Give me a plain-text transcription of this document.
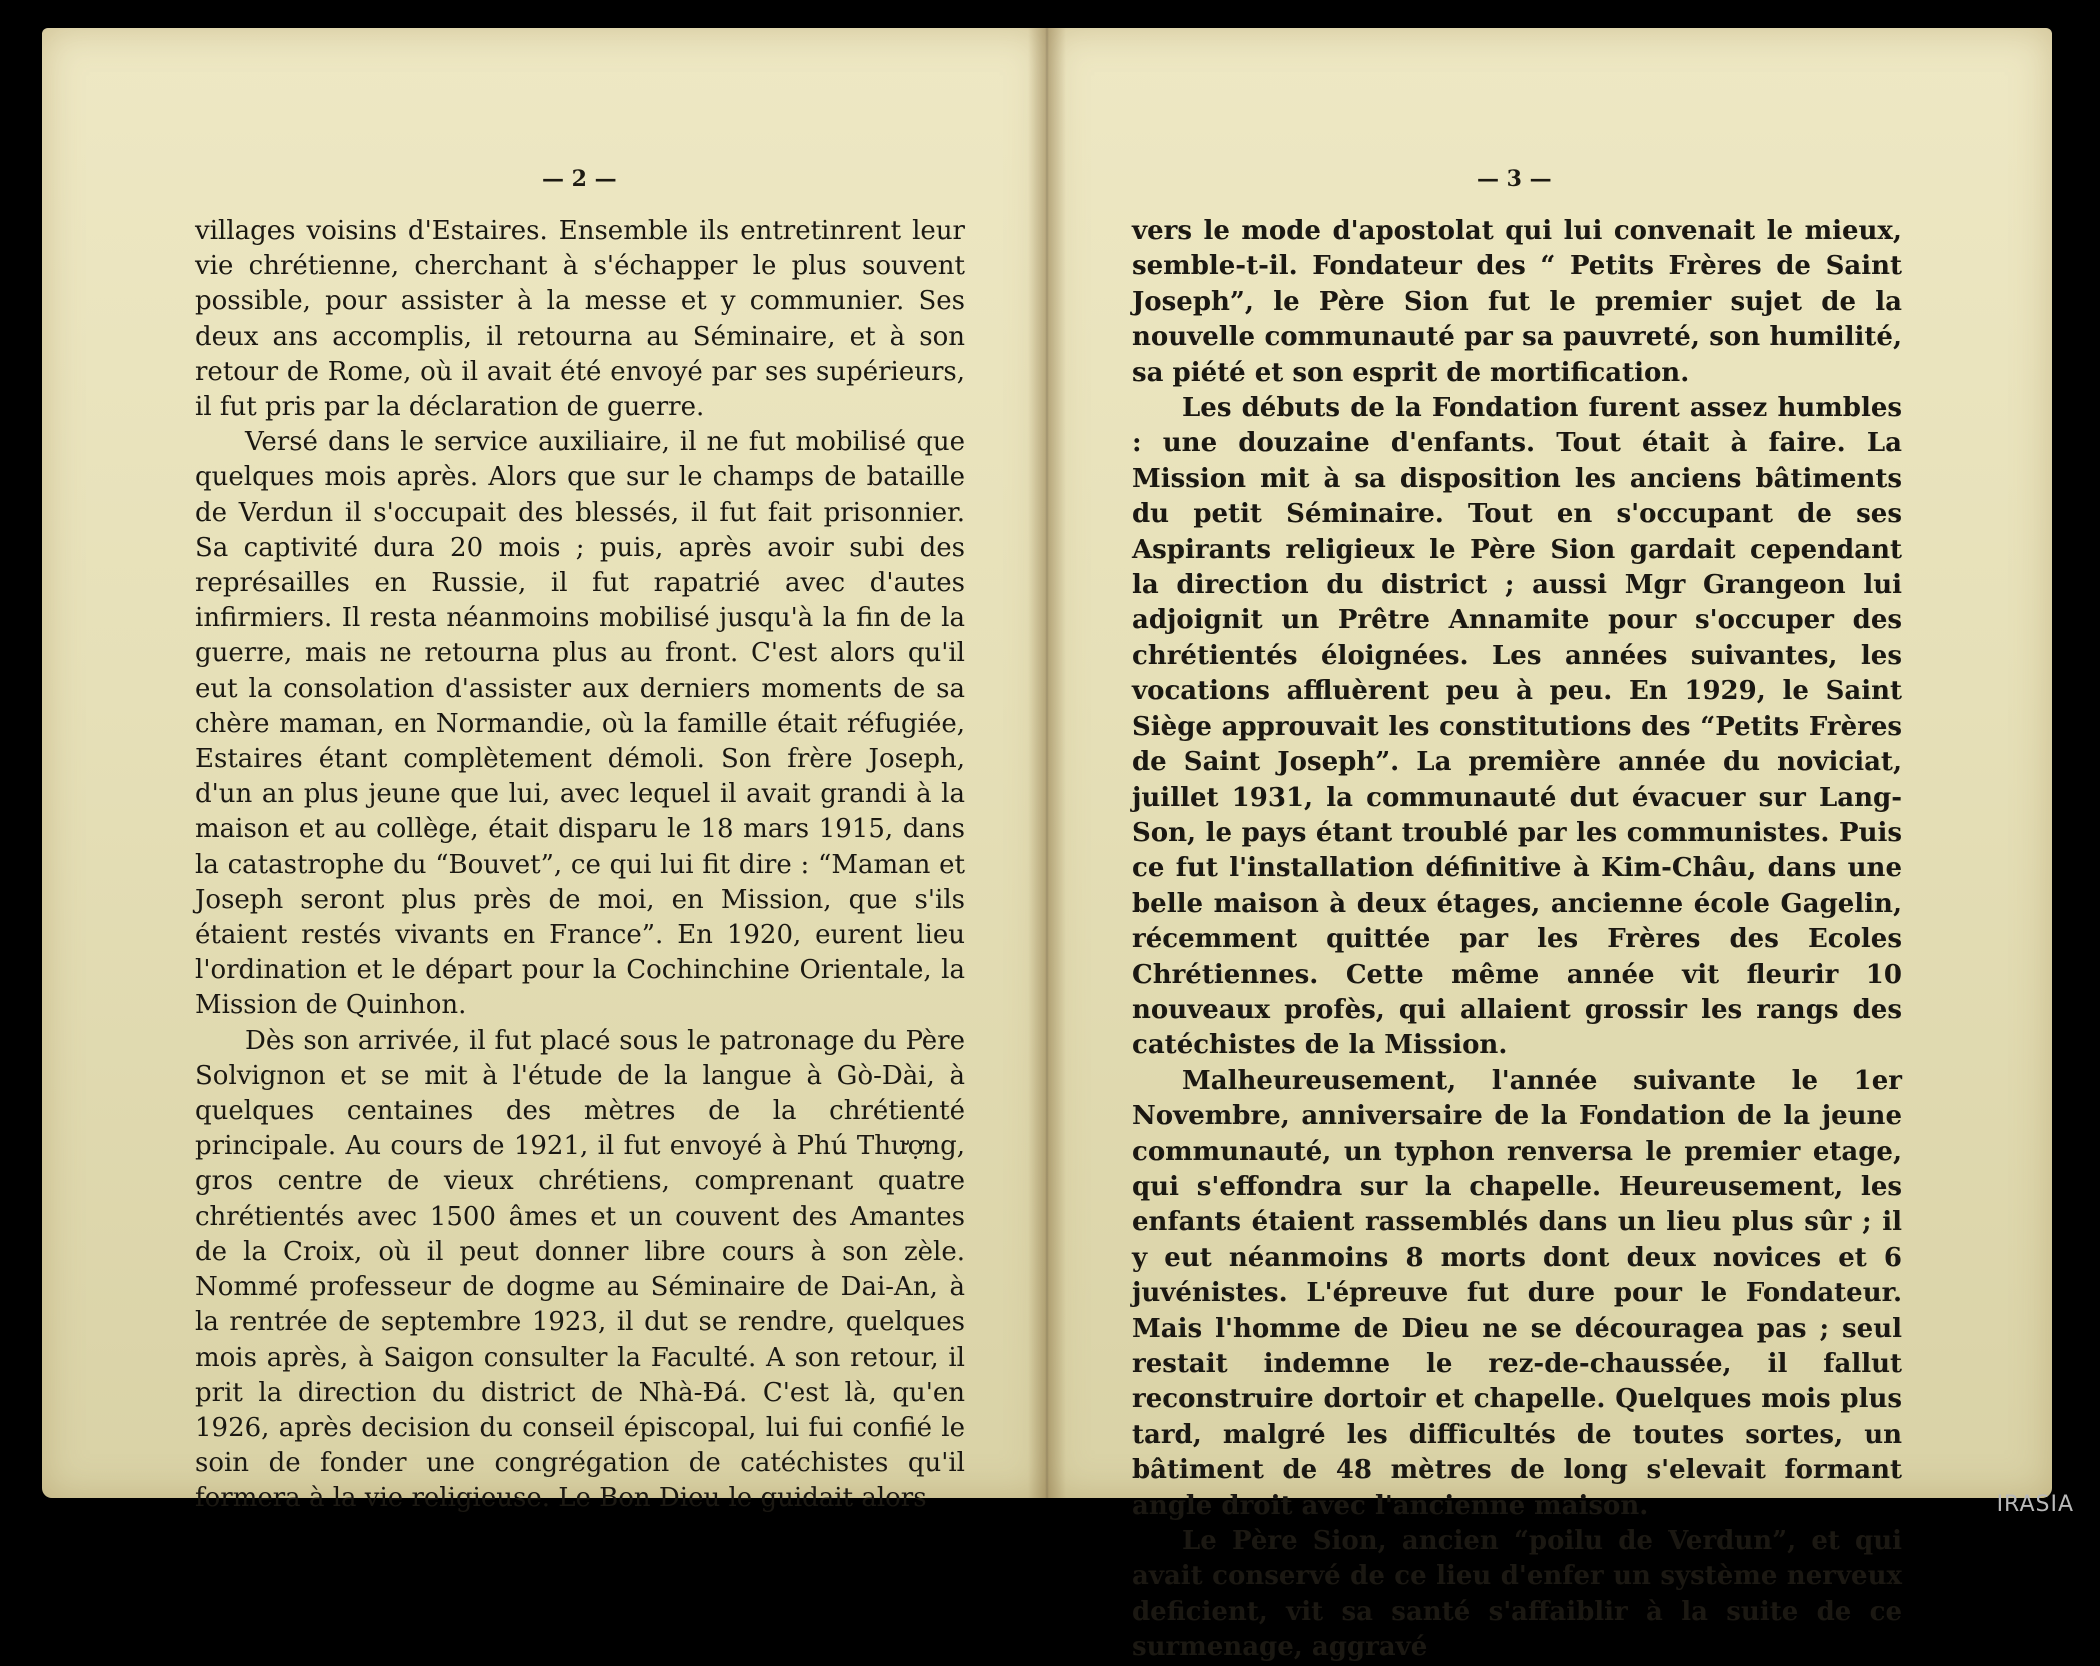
— 2 —

villages voisins d'Estaires. Ensemble ils entretinrent leur vie chrétienne, cherchant à s'échapper le plus souvent possible, pour assister à la messe et y communier. Ses deux ans accomplis, il retourna au Séminaire, et à son retour de Rome, où il avait été envoyé par ses supérieurs, il fut pris par la déclaration de guerre.

Versé dans le service auxiliaire, il ne fut mobilisé que quelques mois après. Alors que sur le champs de bataille de Verdun il s'occupait des blessés, il fut fait prisonnier. Sa captivité dura 20 mois ; puis, après avoir subi des représailles en Russie, il fut rapatrié avec d'autes infirmiers. Il resta néanmoins mobilisé jusqu'à la fin de la guerre, mais ne retourna plus au front. C'est alors qu'il eut la consolation d'assister aux derniers moments de sa chère maman, en Normandie, où la famille était réfugiée, Estaires étant complètement démoli. Son frère Joseph, d'un an plus jeune que lui, avec lequel il avait grandi à la maison et au collège, était disparu le 18 mars 1915, dans la catastrophe du “Bouvet”, ce qui lui fit dire : “Maman et Joseph seront plus près de moi, en Mission, que s'ils étaient restés vivants en France”. En 1920, eurent lieu l'ordination et le départ pour la Cochinchine Orientale, la Mission de Quinhon.

Dès son arrivée, il fut placé sous le patronage du Père Solvignon et se mit à l'étude de la langue à Gò-Dài, à quelques centaines des mètres de la chrétienté principale. Au cours de 1921, il fut envoyé à Phú Thượng, gros centre de vieux chrétiens, comprenant quatre chrétientés avec 1500 âmes et un couvent des Amantes de la Croix, où il peut donner libre cours à son zèle. Nommé professeur de dogme au Séminaire de Dai-An, à la rentrée de septembre 1923, il dut se rendre, quelques mois après, à Saigon consulter la Faculté. A son retour, il prit la direction du district de Nhà-Đá. C'est là, qu'en 1926, après decision du conseil épiscopal, lui fui confié le soin de fonder une congrégation de catéchistes qu'il formera à la vie religieuse. Le Bon Dieu le guidait alors

— 3 —

vers le mode d'apostolat qui lui convenait le mieux, semble-t-il. Fondateur des “ Petits Frères de Saint Joseph”, le Père Sion fut le premier sujet de la nouvelle communauté par sa pauvreté, son humilité, sa piété et son esprit de mortification.

Les débuts de la Fondation furent assez humbles : une douzaine d'enfants. Tout était à faire. La Mission mit à sa disposition les anciens bâtiments du petit Séminaire. Tout en s'occupant de ses Aspirants religieux le Père Sion gardait cependant la direction du district ; aussi Mgr Grangeon lui adjoignit un Prêtre Annamite pour s'occuper des chrétientés éloignées. Les années suivantes, les vocations affluèrent peu à peu. En 1929, le Saint Siège approuvait les constitutions des “Petits Frères de Saint Joseph”. La première année du noviciat, juillet 1931, la communauté dut évacuer sur Lang-Son, le pays étant troublé par les communistes. Puis ce fut l'installation définitive à Kim-Châu, dans une belle maison à deux étages, ancienne école Gagelin, récemment quittée par les Frères des Ecoles Chrétiennes. Cette même année vit fleurir 10 nouveaux profès, qui allaient grossir les rangs des catéchistes de la Mission.

Malheureusement, l'année suivante le 1er Novembre, anniversaire de la Fondation de la jeune communauté, un typhon renversa le premier etage, qui s'effondra sur la chapelle. Heureusement, les enfants étaient rassemblés dans un lieu plus sûr ; il y eut néanmoins 8 morts dont deux novices et 6 juvénistes. L'épreuve fut dure pour le Fondateur. Mais l'homme de Dieu ne se découragea pas ; seul restait indemne le rez-de-chaussée, il fallut reconstruire dortoir et chapelle. Quelques mois plus tard, malgré les difficultés de toutes sortes, un bâtiment de 48 mètres de long s'elevait formant angle droit avec l'ancienne maison.

Le Père Sion, ancien “poilu de Verdun”, et qui avait conservé de ce lieu d'enfer un système nerveux deficient, vit sa santé s'affaiblir à la suite de ce surmenage, aggravé

IRASIA
